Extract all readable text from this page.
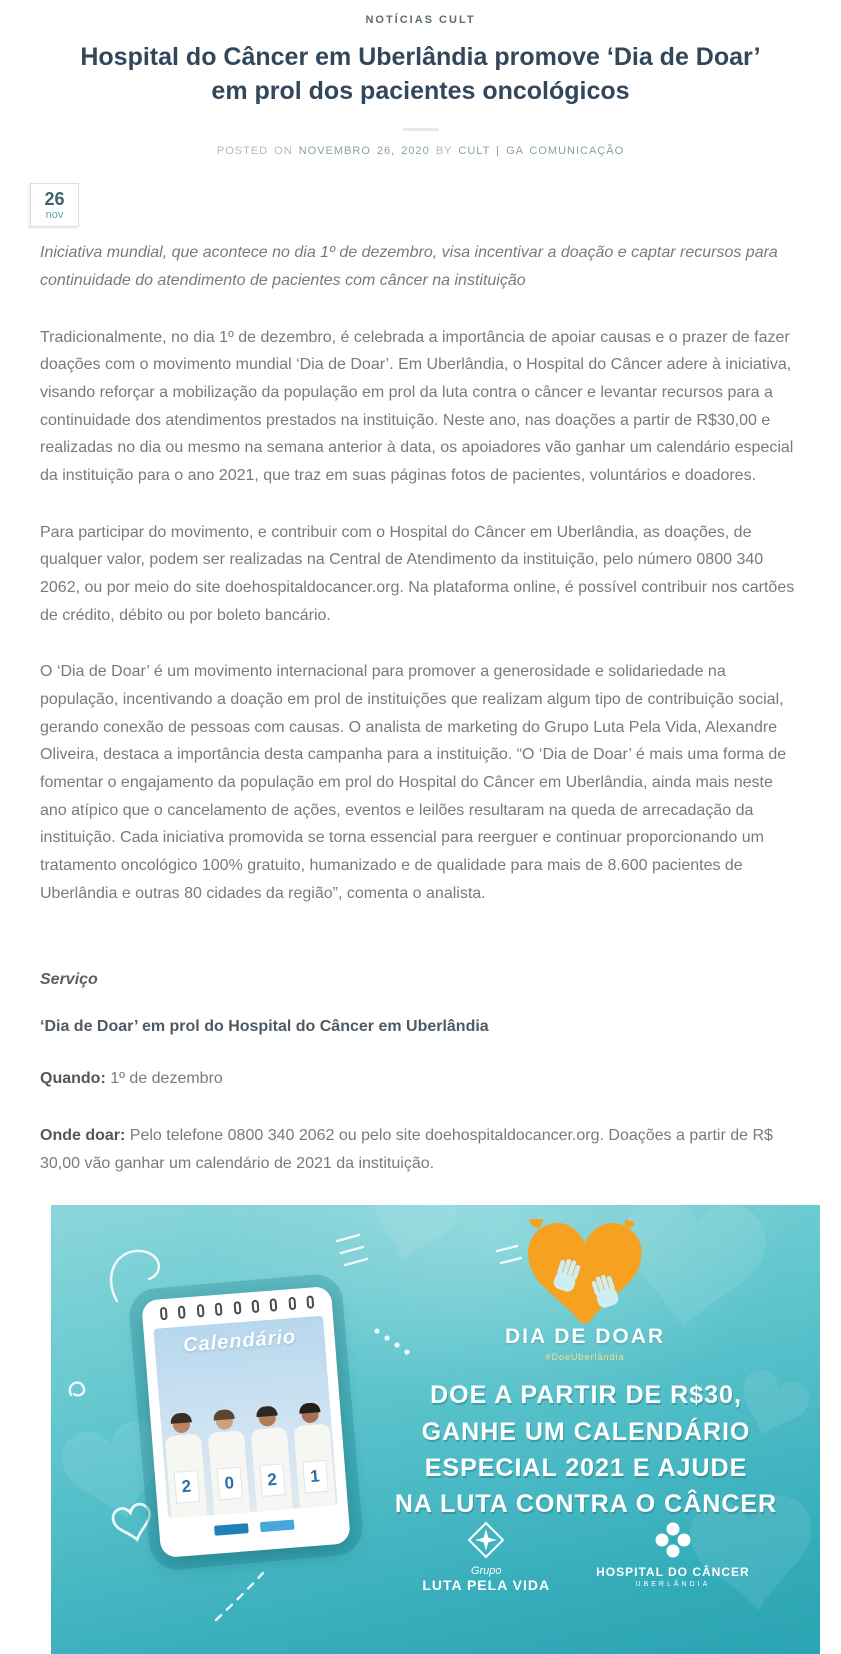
NOTÍCIAS CULT
Hospital do Câncer em Uberlândia promove ‘Dia de Doar’ em prol dos pacientes oncológicos

POSTED ON NOVEMBRO 26, 2020 BY CULT | GA COMUNICAÇÃO

26
nov

Iniciativa mundial, que acontece no dia 1º de dezembro, visa incentivar a doação e captar recursos para continuidade do atendimento de pacientes com câncer na instituição

Tradicionalmente, no dia 1º de dezembro, é celebrada a importância de apoiar causas e o prazer de fazer doações com o movimento mundial ‘Dia de Doar’. Em Uberlândia, o Hospital do Câncer adere à iniciativa, visando reforçar a mobilização da população em prol da luta contra o câncer e levantar recursos para a continuidade dos atendimentos prestados na instituição. Neste ano, nas doações a partir de R$30,00 e realizadas no dia ou mesmo na semana anterior à data, os apoiadores vão ganhar um calendário especial da instituição para o ano 2021, que traz em suas páginas fotos de pacientes, voluntários e doadores.

Para participar do movimento, e contribuir com o Hospital do Câncer em Uberlândia, as doações, de qualquer valor, podem ser realizadas na Central de Atendimento da instituição, pelo número 0800 340 2062, ou por meio do site doehospitaldocancer.org. Na plataforma online, é possível contribuir nos cartões de crédito, débito ou por boleto bancário.

O ‘Dia de Doar’ é um movimento internacional para promover a generosidade e solidariedade na população, incentivando a doação em prol de instituições que realizam algum tipo de contribuição social, gerando conexão de pessoas com causas. O analista de marketing do Grupo Luta Pela Vida, Alexandre Oliveira, destaca a importância desta campanha para a instituição. “O ‘Dia de Doar’ é mais uma forma de fomentar o engajamento da população em prol do Hospital do Câncer em Uberlândia, ainda mais neste ano atípico que o cancelamento de ações, eventos e leilões resultaram na queda de arrecadação da instituição. Cada iniciativa promovida se torna essencial para reerguer e continuar proporcionando um tratamento oncológico 100% gratuito, humanizado e de qualidade para mais de 8.600 pacientes de Uberlândia e outras 80 cidades da região”, comenta o analista.

Serviço

‘Dia de Doar’ em prol do Hospital do Câncer em Uberlândia

Quando: 1º de dezembro

Onde doar: Pelo telefone 0800 340 2062 ou pelo site doehospitaldocancer.org. Doações a partir de R$ 30,00 vão ganhar um calendário de 2021 da instituição.

Calendário
2	0	2	1
DIA DE DOAR
#DoeUberlândia
DOE A PARTIR DE R$30,
GANHE UM CALENDÁRIO
ESPECIAL 2021 E AJUDE
NA LUTA CONTRA O CÂNCER
Grupo
LUTA PELA VIDA
HOSPITAL DO CÂNCER
UBERLÂNDIA
